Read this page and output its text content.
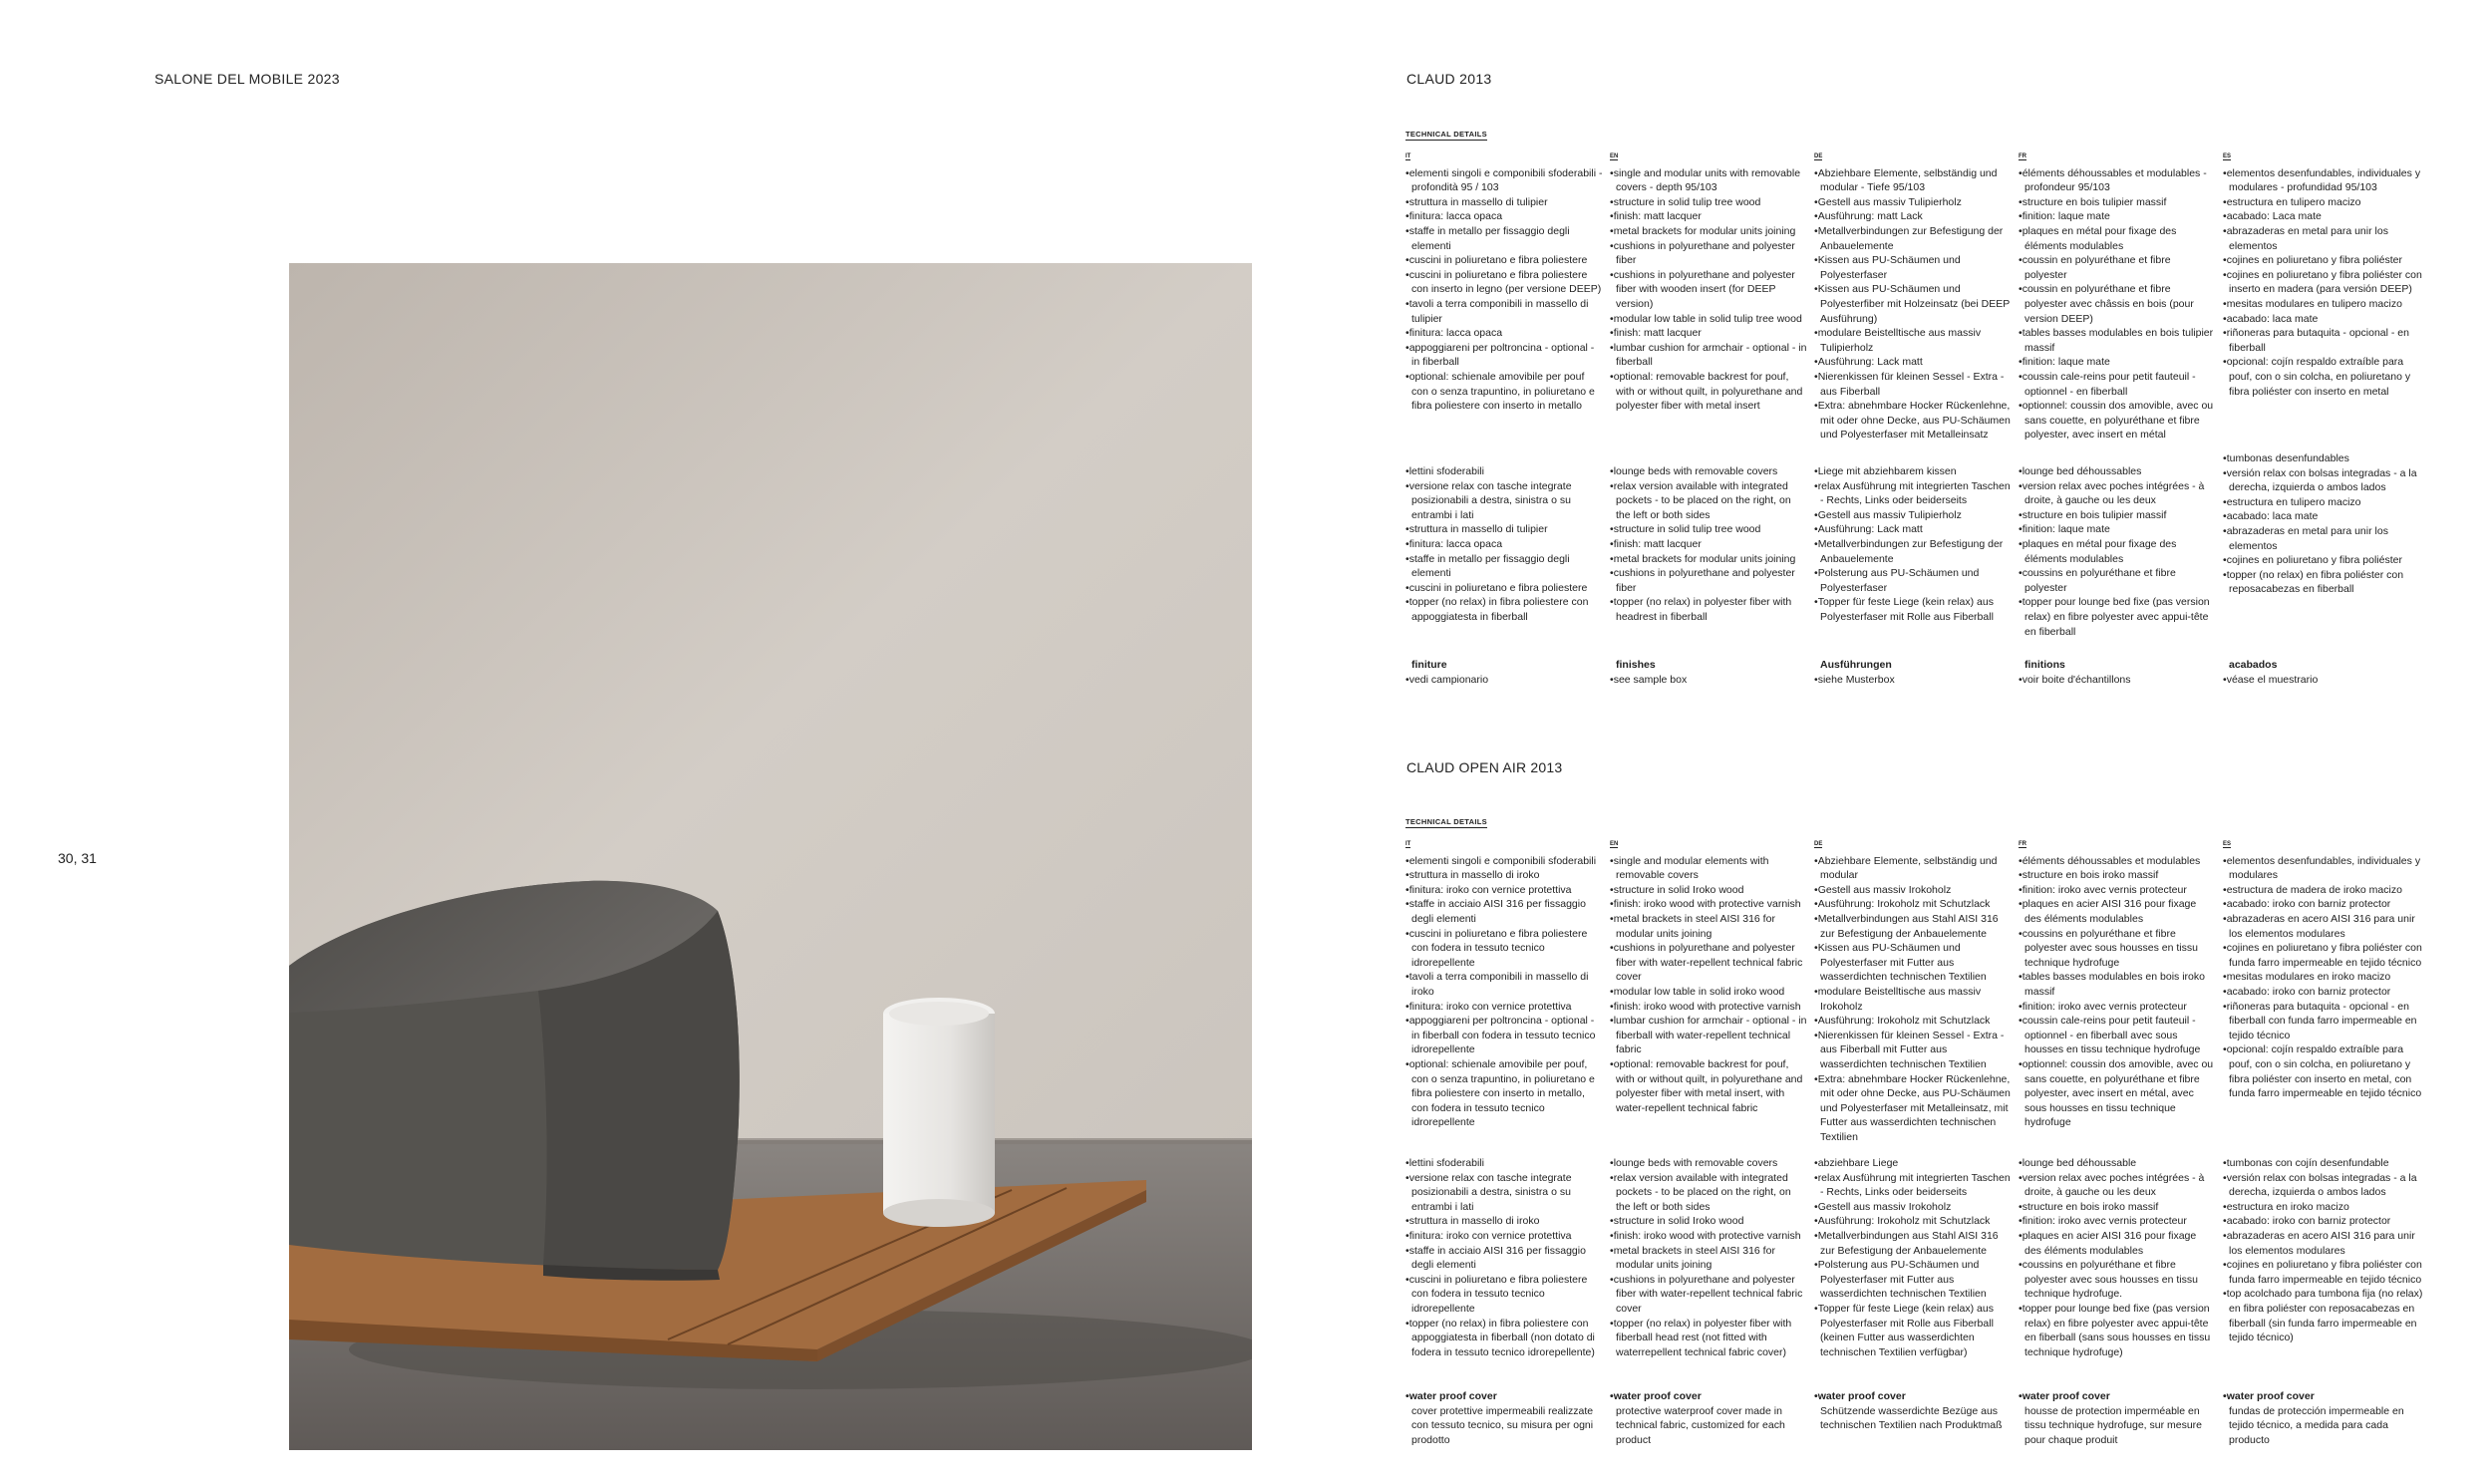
SALONE DEL MOBILE 2023	CLAUD 2013
30, 31
TECHNICAL DETAILS
IT

• elementi singoli e componibili sfoderabili - profondità 95 / 103

• struttura in massello di tulipier

• finitura: lacca opaca

• staffe in metallo per fissaggio degli elementi

• cuscini in poliuretano e fibra poliestere

• cuscini in poliuretano e fibra poliestere con inserto in legno (per versione DEEP)

• tavoli a terra componibili in massello di tulipier

• finitura: lacca opaca

• appoggiareni per poltroncina - optional - in fiberball

• optional: schienale amovibile per pouf con o senza trapuntino, in poliuretano e fibra poliestere con inserto in metallo

• lettini sfoderabili

• versione relax con tasche integrate posizionabili a destra, sinistra o su entrambi i lati

• struttura in massello di tulipier

• finitura: lacca opaca

• staffe in metallo per fissaggio degli elementi

• cuscini in poliuretano e fibra poliestere

• topper (no relax) in fibra poliestere con appoggiatesta in fiberball

finiture

• vedi campionario

EN

• single and modular units with removable covers - depth 95/103

• structure in solid tulip tree wood

• finish: matt lacquer

• metal brackets for modular units joining

• cushions in polyurethane and polyester fiber

• cushions in polyurethane and polyester fiber with wooden insert (for DEEP version)

• modular low table in solid tulip tree wood

• finish: matt lacquer

• lumbar cushion for armchair - optional - in fiberball

• optional: removable backrest for pouf, with or without quilt, in polyurethane and polyester fiber with metal insert

• lounge beds with removable covers

• relax version available with integrated pockets - to be placed on the right, on the left or both sides

• structure in solid tulip tree wood

• finish: matt lacquer

• metal brackets for modular units joining

• cushions in polyurethane and polyester fiber

• topper (no relax) in polyester fiber with headrest in fiberball

finishes

• see sample box

DE

• Abziehbare Elemente, selbständig und modular - Tiefe 95/103

• Gestell aus massiv Tulipierholz

• Ausführung: matt Lack

• Metallverbindungen zur Befestigung der Anbauelemente

• Kissen aus PU-Schäumen und Polyesterfaser

• Kissen aus PU-Schäumen und Polyesterfiber mit Holzeinsatz (bei DEEP Ausführung)

• modulare Beistelltische aus massiv Tulipierholz

• Ausführung: Lack matt

• Nierenkissen für kleinen Sessel - Extra - aus Fiberball

• Extra: abnehmbare Hocker Rückenlehne, mit oder ohne Decke, aus PU-Schäumen und Polyesterfaser mit Metalleinsatz

• Liege mit abziehbarem kissen

• relax Ausführung mit integrierten Taschen - Rechts, Links oder beiderseits

• Gestell aus massiv Tulipierholz

• Ausführung: Lack matt

• Metallverbindungen zur Befestigung der Anbauelemente

• Polsterung aus PU-Schäumen und Polyesterfaser

• Topper für feste Liege (kein relax) aus Polyesterfaser mit Rolle aus Fiberball

Ausführungen

• siehe Musterbox

FR

• éléments déhoussables et modulables - profondeur 95/103

• structure en bois tulipier massif

• finition: laque mate

• plaques en métal pour fixage des éléments modulables

• coussin en polyuréthane et fibre polyester

• coussin en polyuréthane et fibre polyester avec châssis en bois (pour version DEEP)

• tables basses modulables en bois tulipier massif

• finition: laque mate

• coussin cale-reins pour petit fauteuil - optionnel - en fiberball

• optionnel: coussin dos amovible, avec ou sans couette, en polyuréthane et fibre polyester, avec insert en métal

• lounge bed déhoussables

• version relax avec poches intégrées - à droite, à gauche ou les deux

• structure en bois tulipier massif

• finition: laque mate

• plaques en métal pour fixage des éléments modulables

• coussins en polyuréthane et fibre polyester

• topper pour lounge bed fixe (pas version relax) en fibre polyester avec appui-tête en fiberball

finitions

• voir boite d'échantillons

ES

• elementos desenfundables, individuales y modulares - profundidad 95/103

• estructura en tulipero macizo

• acabado: Laca mate

• abrazaderas en metal para unir los elementos

• cojines en poliuretano y fibra poliéster

• cojines en poliuretano y fibra poliéster con inserto en madera (para versión DEEP)

• mesitas modulares en tulipero macizo

• acabado: laca mate

• riñoneras para butaquita - opcional - en fiberball

• opcional: cojín respaldo extraíble para pouf, con o sin colcha, en poliuretano y fibra poliéster con inserto en metal

• tumbonas desenfundables

• versión relax con bolsas integradas - a la derecha, izquierda o ambos lados

• estructura en tulipero macizo

• acabado: laca mate

• abrazaderas en metal para unir los elementos

• cojines en poliuretano y fibra poliéster

• topper (no relax) en fibra poliéster con reposacabezas en fiberball

acabados

• véase el muestrario

CLAUD OPEN AIR 2013
TECHNICAL DETAILS
IT

• elementi singoli e componibili sfoderabili

• struttura in massello di iroko

• finitura: iroko con vernice protettiva

• staffe in acciaio AISI 316 per fissaggio degli elementi

• cuscini in poliuretano e fibra poliestere con fodera in tessuto tecnico idrorepellente

• tavoli a terra componibili in massello di iroko

• finitura: iroko con vernice protettiva

• appoggiareni per poltroncina - optional - in fiberball con fodera in tessuto tecnico idrorepellente

• optional: schienale amovibile per pouf, con o senza trapuntino, in poliuretano e fibra poliestere con inserto in metallo, con fodera in tessuto tecnico idrorepellente

• lettini sfoderabili

• versione relax con tasche integrate posizionabili a destra, sinistra o su entrambi i lati

• struttura in massello di iroko

• finitura: iroko con vernice protettiva

• staffe in acciaio AISI 316 per fissaggio degli elementi

• cuscini in poliuretano e fibra poliestere con fodera in tessuto tecnico idrorepellente

• topper (no relax) in fibra poliestere con appoggiatesta in fiberball (non dotato di fodera in tessuto tecnico idrorepellente)

• water proof cover

cover protettive impermeabili realizzate con tessuto tecnico, su misura per ogni prodotto

EN

• single and modular elements with removable covers

• structure in solid Iroko wood

• finish: iroko wood with protective varnish

• metal brackets in steel AISI 316 for modular units joining

• cushions in polyurethane and polyester fiber with water-repellent technical fabric cover

• modular low table in solid iroko wood

• finish: iroko wood with protective varnish

• lumbar cushion for armchair - optional - in fiberball with water-repellent technical fabric

• optional: removable backrest for pouf, with or without quilt, in polyurethane and polyester fiber with metal insert, with water-repellent technical fabric

• lounge beds with removable covers

• relax version available with integrated pockets - to be placed on the right, on the left or both sides

• structure in solid Iroko wood

• finish: iroko wood with protective varnish

• metal brackets in steel AISI 316 for modular units joining

• cushions in polyurethane and polyester fiber with water-repellent technical fabric cover

• topper (no relax) in polyester fiber with fiberball head rest (not fitted with waterrepellent technical fabric cover)

• water proof cover

protective waterproof cover made in technical fabric, customized for each product

DE

• Abziehbare Elemente, selbständig und modular

• Gestell aus massiv Irokoholz

• Ausführung: Irokoholz mit Schutzlack

• Metallverbindungen aus Stahl AISI 316 zur Befestigung der Anbauelemente

• Kissen aus PU-Schäumen und Polyesterfaser mit Futter aus wasserdichten technischen Textilien

• modulare Beistelltische aus massiv Irokoholz

• Ausführung: Irokoholz mit Schutzlack

• Nierenkissen für kleinen Sessel - Extra - aus Fiberball mit Futter aus wasserdichten technischen Textilien

• Extra: abnehmbare Hocker Rückenlehne, mit oder ohne Decke, aus PU-Schäumen und Polyesterfaser mit Metalleinsatz, mit Futter aus wasserdichten technischen Textilien

• abziehbare Liege

• relax Ausführung mit integrierten Taschen - Rechts, Links oder beiderseits

• Gestell aus massiv Irokoholz

• Ausführung: Irokoholz mit Schutzlack

• Metallverbindungen aus Stahl AISI 316 zur Befestigung der Anbauelemente

• Polsterung aus PU-Schäumen und Polyesterfaser mit Futter aus wasserdichten technischen Textilien

• Topper für feste Liege (kein relax) aus Polyesterfaser mit Rolle aus Fiberball (keinen Futter aus wasserdichten technischen Textilien verfügbar)

• water proof cover

Schützende wasserdichte Bezüge aus technischen Textilien nach Produktmaß

FR

• éléments déhoussables et modulables

• structure en bois iroko massif

• finition: iroko avec vernis protecteur

• plaques en acier AISI 316 pour fixage des éléments modulables

• coussins en polyuréthane et fibre polyester avec sous housses en tissu technique hydrofuge

• tables basses modulables en bois iroko massif

• finition: iroko avec vernis protecteur

• coussin cale-reins pour petit fauteuil - optionnel - en fiberball avec sous housses en tissu technique hydrofuge

• optionnel: coussin dos amovible, avec ou sans couette, en polyuréthane et fibre polyester, avec insert en métal, avec sous housses en tissu technique hydrofuge

• lounge bed déhoussable

• version relax avec poches intégrées - à droite, à gauche ou les deux

• structure en bois iroko massif

• finition: iroko avec vernis protecteur

• plaques en acier AISI 316 pour fixage des éléments modulables

• coussins en polyuréthane et fibre polyester avec sous housses en tissu technique hydrofuge.

• topper pour lounge bed fixe (pas version relax) en fibre polyester avec appui-tête en fiberball (sans sous housses en tissu technique hydrofuge)

• water proof cover

housse de protection imperméable en tissu technique hydrofuge, sur mesure pour chaque produit

ES

• elementos desenfundables, individuales y modulares

• estructura de madera de iroko macizo

• acabado: iroko con barniz protector

• abrazaderas en acero AISI 316 para unir los elementos modulares

• cojines en poliuretano y fibra poliéster con funda farro impermeable en tejido técnico

• mesitas modulares en iroko macizo

• acabado: iroko con barniz protector

• riñoneras para butaquita - opcional - en fiberball con funda farro impermeable en tejido técnico

• opcional: cojín respaldo extraíble para pouf, con o sin colcha, en poliuretano y fibra poliéster con inserto en metal, con funda farro impermeable en tejido técnico

• tumbonas con cojín desenfundable

• versión relax con bolsas integradas - a la derecha, izquierda o ambos lados

• estructura en iroko macizo

• acabado: iroko con barniz protector

• abrazaderas en acero AISI 316 para unir los elementos modulares

• cojines en poliuretano y fibra poliéster con funda farro impermeable en tejido técnico

• top acolchado para tumbona fija (no relax) en fibra poliéster con reposacabezas en fiberball (sin funda farro impermeable en tejido técnico)

• water proof cover

fundas de protección impermeable en tejido técnico, a medida para cada producto
